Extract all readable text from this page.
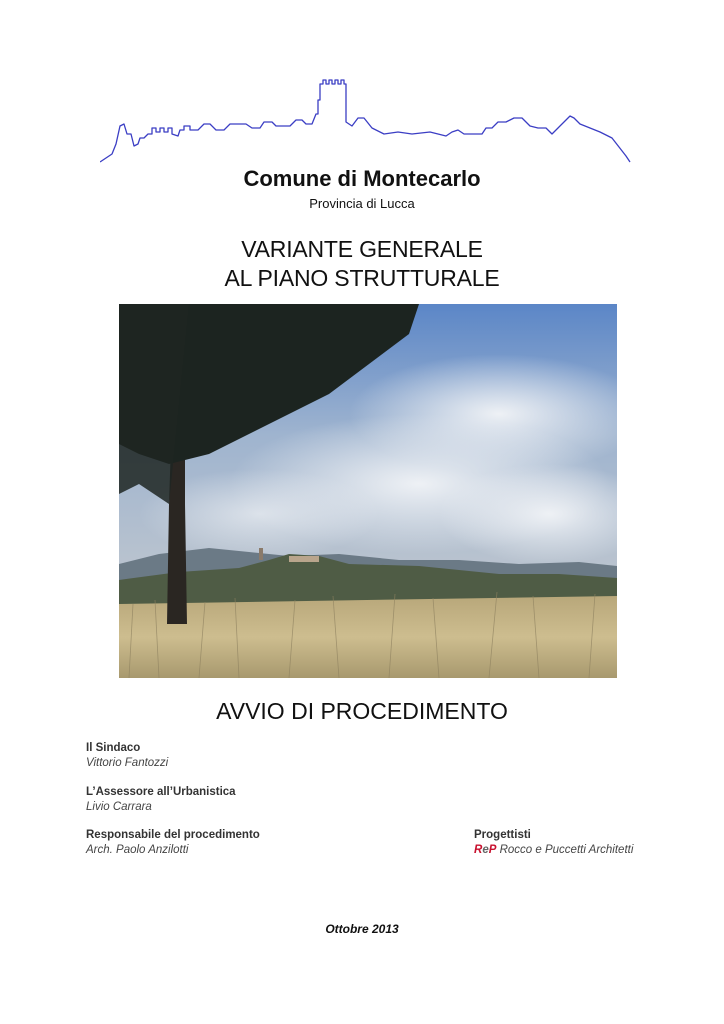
Comune di Montecarlo
Provincia di Lucca
VARIANTE GENERALE
AL PIANO STRUTTURALE
AVVIO DI PROCEDIMENTO
Il Sindaco
Vittorio Fantozzi
L’Assessore all’Urbanistica
Livio Carrara
Responsabile del procedimento
Arch. Paolo Anzilotti
Progettisti
ReP Rocco e Puccetti Architetti
Ottobre 2013
